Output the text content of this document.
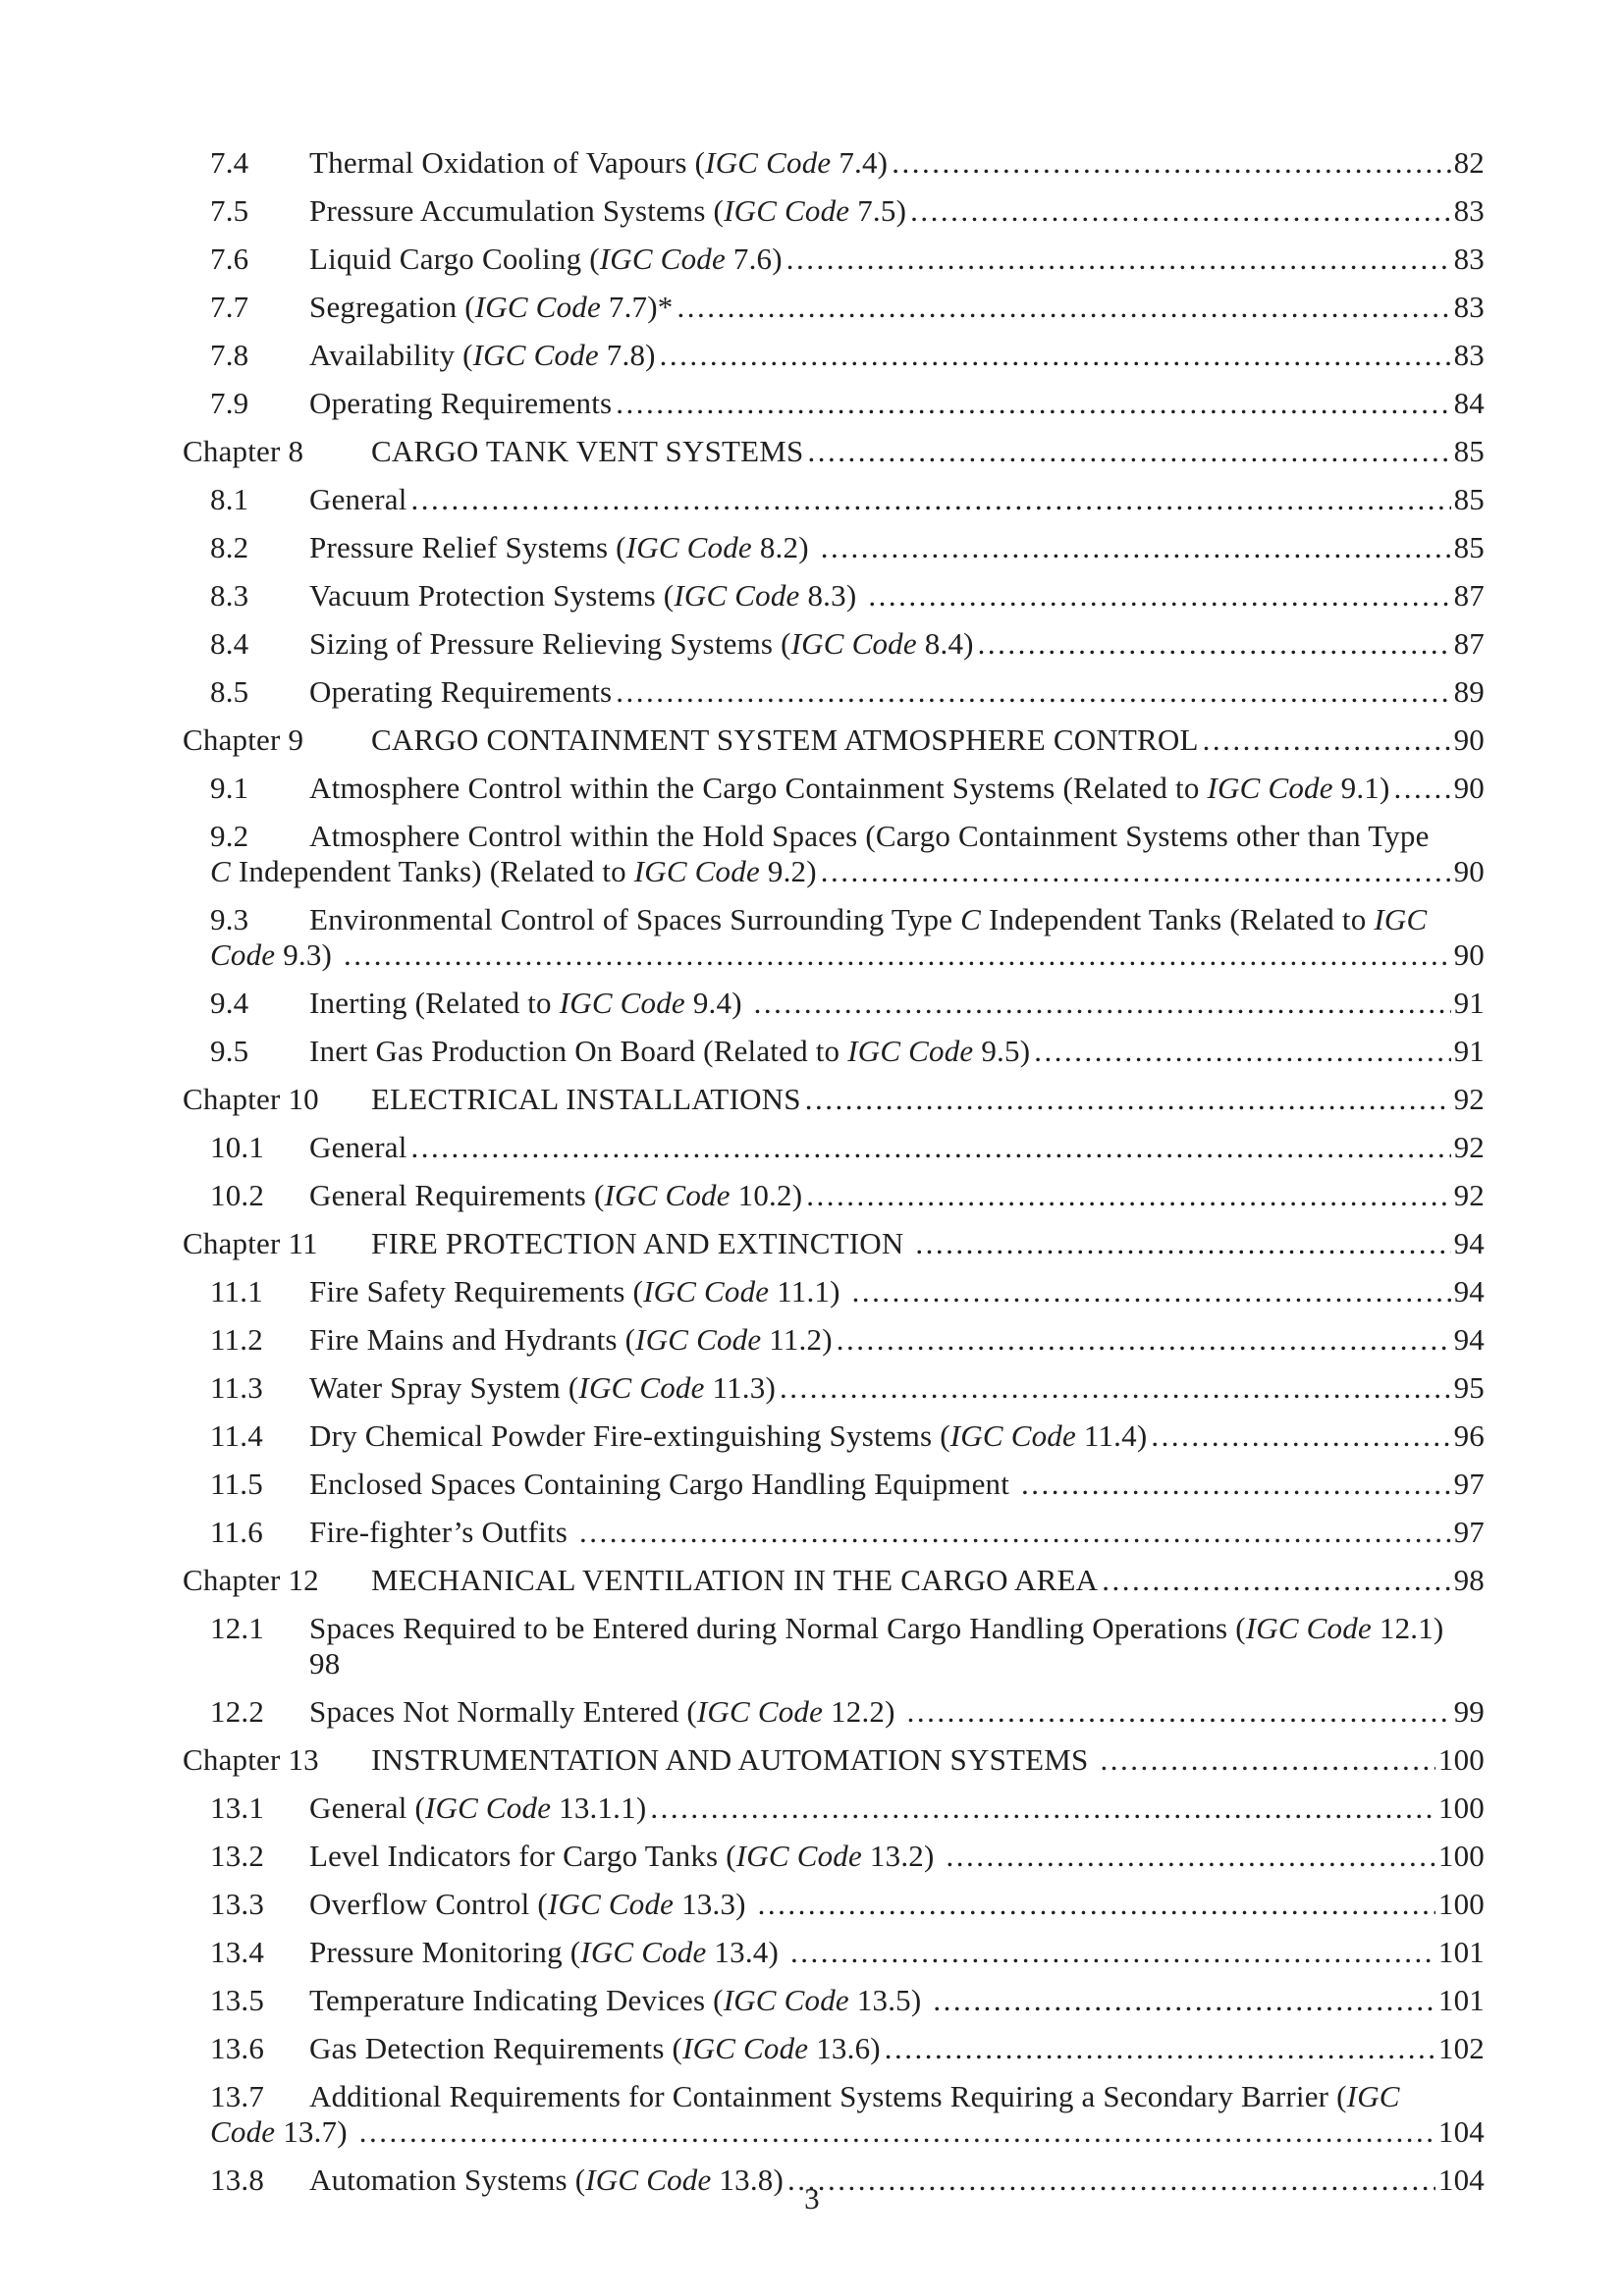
7.4 Thermal Oxidation of Vapours (IGC Code 7.4) .....	82
7.5 Pressure Accumulation Systems (IGC Code 7.5) .....	83
7.6 Liquid Cargo Cooling (IGC Code 7.6) .....	83
7.7 Segregation (IGC Code 7.7)* .....	83
7.8 Availability (IGC Code 7.8) .....	83
7.9 Operating Requirements .....	84
Chapter 8 CARGO TANK VENT SYSTEMS .....	85
8.1 General .....	85
8.2 Pressure Relief Systems (IGC Code 8.2) .....	85
8.3 Vacuum Protection Systems (IGC Code 8.3) .....	87
8.4 Sizing of Pressure Relieving Systems (IGC Code 8.4) .....	87
8.5 Operating Requirements .....	89
Chapter 9 CARGO CONTAINMENT SYSTEM ATMOSPHERE CONTROL .....	90
9.1 Atmosphere Control within the Cargo Containment Systems (Related to IGC Code 9.1) ..... 90
9.2 Atmosphere Control within the Hold Spaces (Cargo Containment Systems other than Type
C Independent Tanks) (Related to IGC Code 9.2) .....	90
9.3 Environmental Control of Spaces Surrounding Type C Independent Tanks (Related to IGC
Code 9.3) .....	90
9.4 Inerting (Related to IGC Code 9.4) .....	91
9.5 Inert Gas Production On Board (Related to IGC Code 9.5) .....	91
Chapter 10 ELECTRICAL INSTALLATIONS .....	92
10.1 General .....	92
10.2 General Requirements (IGC Code 10.2) .....	92
Chapter 11 FIRE PROTECTION AND EXTINCTION .....	94
11.1 Fire Safety Requirements (IGC Code 11.1) .....	94
11.2 Fire Mains and Hydrants (IGC Code 11.2) .....	94
11.3 Water Spray System (IGC Code 11.3) .....	95
11.4 Dry Chemical Powder Fire-extinguishing Systems (IGC Code 11.4) .....	96
11.5 Enclosed Spaces Containing Cargo Handling Equipment .....	97
11.6 Fire-fighter’s Outfits .....	97
Chapter 12 MECHANICAL VENTILATION IN THE CARGO AREA .....	98
12.1 Spaces Required to be Entered during Normal Cargo Handling Operations (IGC Code 12.1)
98
12.2 Spaces Not Normally Entered (IGC Code 12.2) .....	99
Chapter 13 INSTRUMENTATION AND AUTOMATION SYSTEMS .....	100
13.1 General (IGC Code 13.1.1) .....	100
13.2 Level Indicators for Cargo Tanks (IGC Code 13.2) .....	100
13.3 Overflow Control (IGC Code 13.3) .....	100
13.4 Pressure Monitoring (IGC Code 13.4) .....	101
13.5 Temperature Indicating Devices (IGC Code 13.5) .....	101
13.6 Gas Detection Requirements (IGC Code 13.6) .....	102
13.7 Additional Requirements for Containment Systems Requiring a Secondary Barrier (IGC
Code 13.7) .....	104
13.8 Automation Systems (IGC Code 13.8) .....	104
3
